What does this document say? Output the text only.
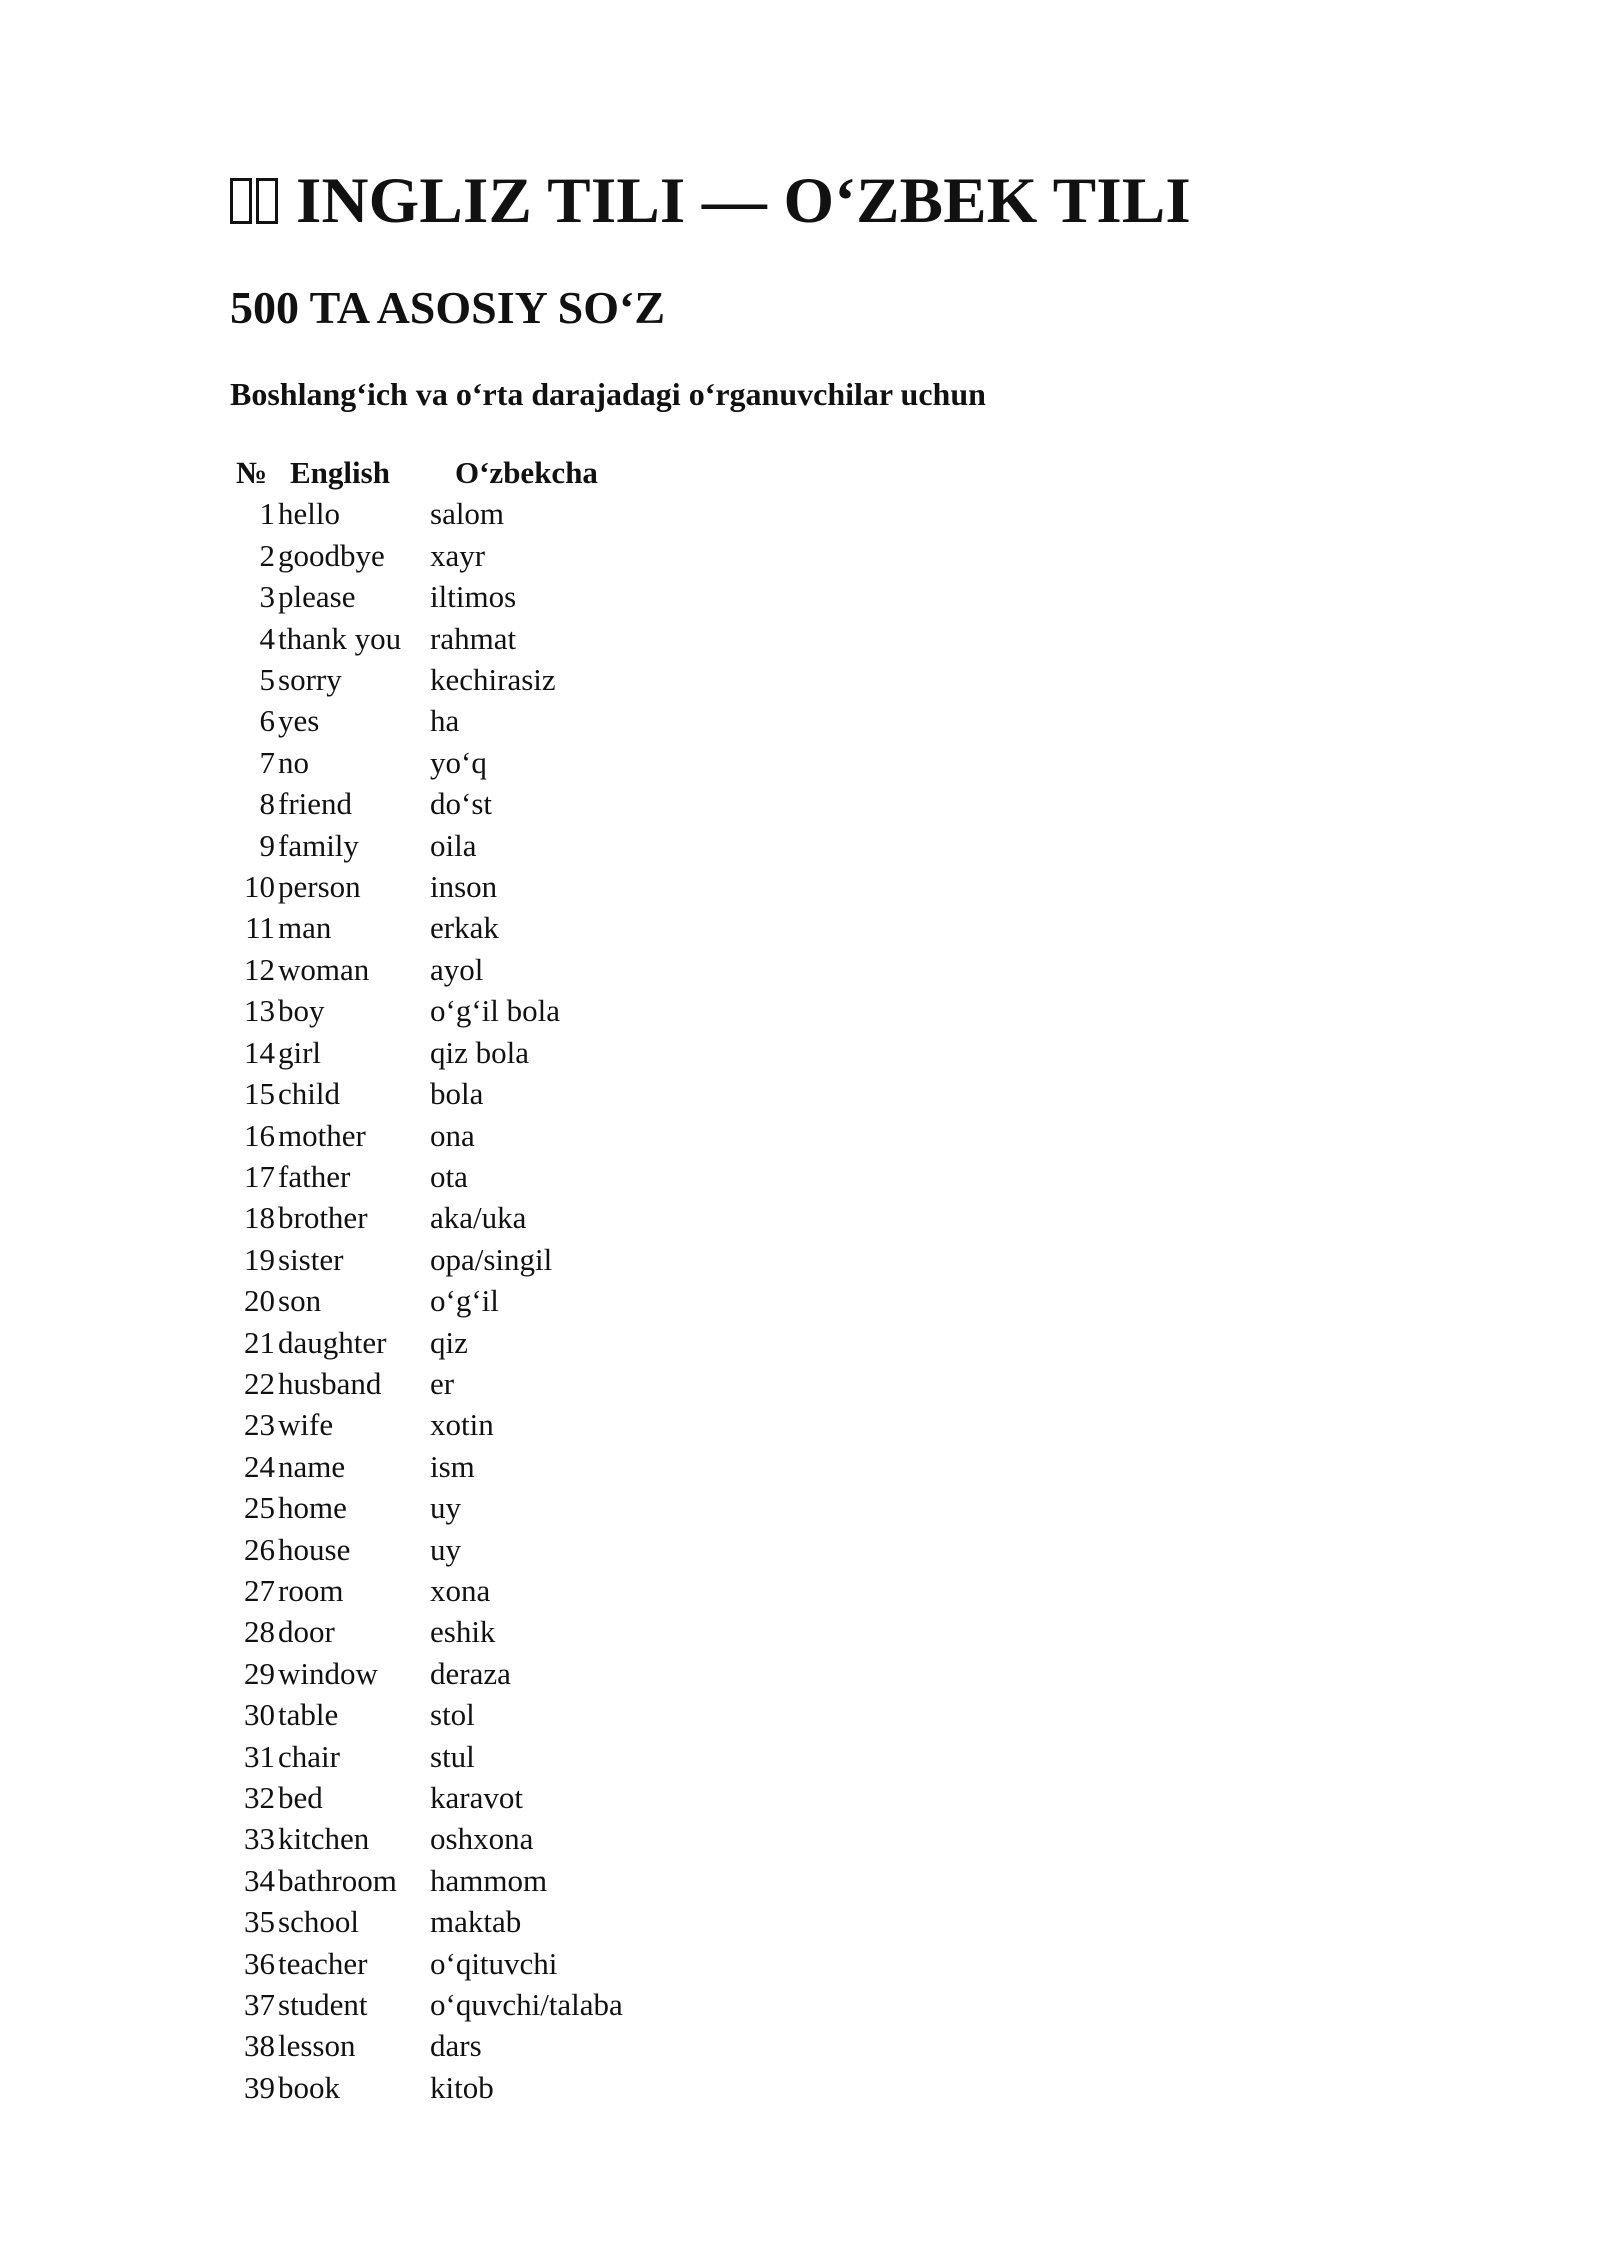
INGLIZ TILI — O‘ZBEK TILI
500 TA ASOSIY SO‘Z
Boshlang‘ich va o‘rta darajadagi o‘rganuvchilar uchun
№	English	O‘zbekcha
1	hello	salom
2	goodbye	xayr
3	please	iltimos
4	thank you	rahmat
5	sorry	kechirasiz
6	yes	ha
7	no	yo‘q
8	friend	do‘st
9	family	oila
10	person	inson
11	man	erkak
12	woman	ayol
13	boy	o‘g‘il bola
14	girl	qiz bola
15	child	bola
16	mother	ona
17	father	ota
18	brother	aka/uka
19	sister	opa/singil
20	son	o‘g‘il
21	daughter	qiz
22	husband	er
23	wife	xotin
24	name	ism
25	home	uy
26	house	uy
27	room	xona
28	door	eshik
29	window	deraza
30	table	stol
31	chair	stul
32	bed	karavot
33	kitchen	oshxona
34	bathroom	hammom
35	school	maktab
36	teacher	o‘qituvchi
37	student	o‘quvchi/talaba
38	lesson	dars
39	book	kitob
